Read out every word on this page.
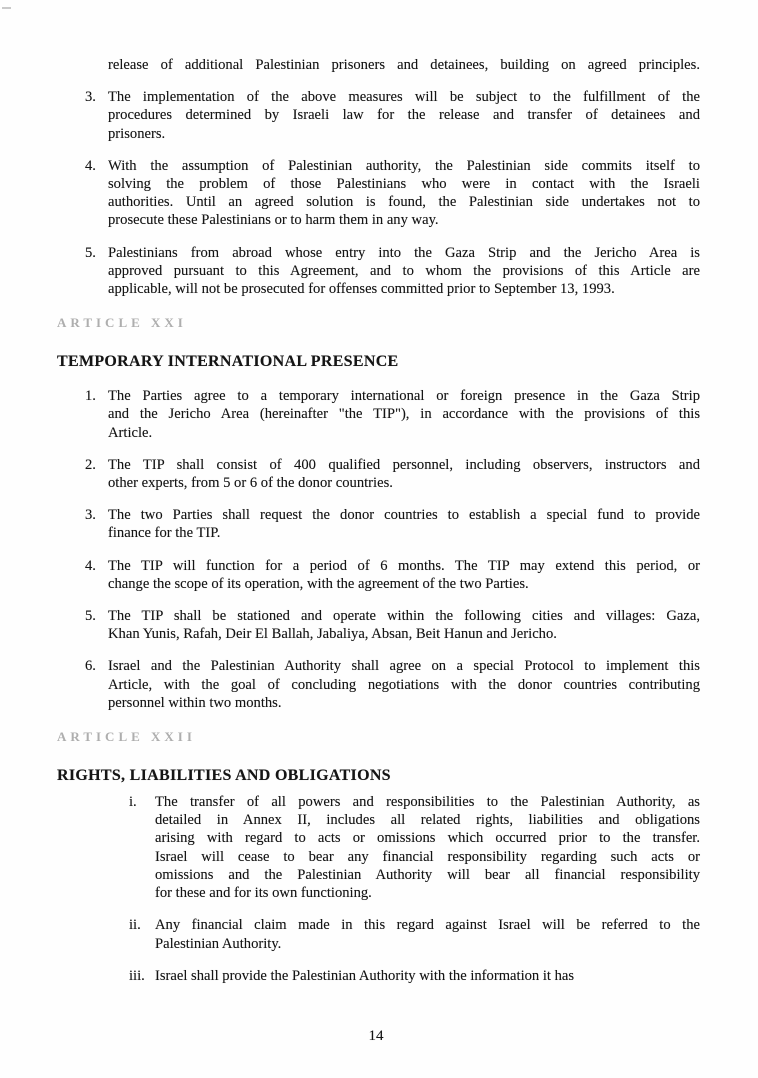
release of additional Palestinian prisoners and detainees, building on agreed principles.
3. The implementation of the above measures will be subject to the fulfillment of the
procedures determined by Israeli law for the release and transfer of detainees and
prisoners.
4. With the assumption of Palestinian authority, the Palestinian side commits itself to
solving the problem of those Palestinians who were in contact with the Israeli
authorities. Until an agreed solution is found, the Palestinian side undertakes not to
prosecute these Palestinians or to harm them in any way.
5. Palestinians from abroad whose entry into the Gaza Strip and the Jericho Area is
approved pursuant to this Agreement, and to whom the provisions of this Article are
applicable, will not be prosecuted for offenses committed prior to September 13, 1993.
ARTICLE XXI
TEMPORARY INTERNATIONAL PRESENCE
1. The Parties agree to a temporary international or foreign presence in the Gaza Strip
and the Jericho Area (hereinafter "the TIP"), in accordance with the provisions of this
Article.
2. The TIP shall consist of 400 qualified personnel, including observers, instructors and
other experts, from 5 or 6 of the donor countries.
3. The two Parties shall request the donor countries to establish a special fund to provide
finance for the TIP.
4. The TIP will function for a period of 6 months. The TIP may extend this period, or
change the scope of its operation, with the agreement of the two Parties.
5. The TIP shall be stationed and operate within the following cities and villages: Gaza,
Khan Yunis, Rafah, Deir El Ballah, Jabaliya, Absan, Beit Hanun and Jericho.
6. Israel and the Palestinian Authority shall agree on a special Protocol to implement this
Article, with the goal of concluding negotiations with the donor countries contributing
personnel within two months.
ARTICLE XXII
RIGHTS, LIABILITIES AND OBLIGATIONS
i.	The transfer of all powers and responsibilities to the Palestinian Authority, as
detailed in Annex II, includes all related rights, liabilities and obligations
arising with regard to acts or omissions which occurred prior to the transfer.
Israel will cease to bear any financial responsibility regarding such acts or
omissions and the Palestinian Authority will bear all financial responsibility
for these and for its own functioning.
ii. Any financial claim made in this regard against Israel will be referred to the
Palestinian Authority.
iii. Israel shall provide the Palestinian Authority with the information it has
14
